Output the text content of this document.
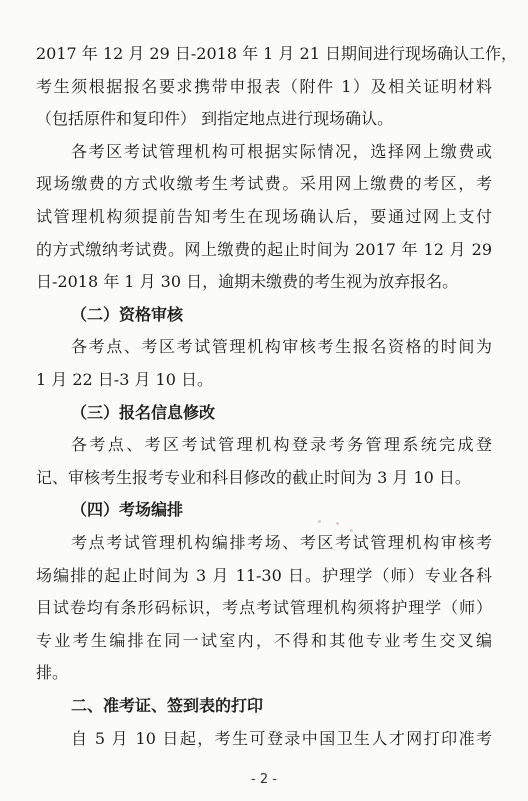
2017 年 12 月 29 日-2018 年 1 月 21 日期间进行现场确认工作，
考生须根据报名要求携带申报表（附件 1）及相关证明材料
（包括原件和复印件） 到指定地点进行现场确认。
各考区考试管理机构可根据实际情况，选择网上缴费或
现场缴费的方式收缴考生考试费。采用网上缴费的考区，考
试管理机构须提前告知考生在现场确认后，要通过网上支付
的方式缴纳考试费。网上缴费的起止时间为 2017 年 12 月 29
日-2018 年 1 月 30 日，逾期未缴费的考生视为放弃报名。
（二）资格审核
各考点、考区考试管理机构审核考生报名资格的时间为
1 月 22 日-3 月 10 日。
（三）报名信息修改
各考点、考区考试管理机构登录考务管理系统完成登
记、审核考生报考专业和科目修改的截止时间为 3 月 10 日。
（四）考场编排
考点考试管理机构编排考场、考区考试管理机构审核考
场编排的起止时间为 3 月 11-30 日。护理学（师）专业各科
目试卷均有条形码标识，考点考试管理机构须将护理学（师）
专业考生编排在同一试室内，不得和其他专业考生交叉编
排。
- 2 -
二、准考证、签到表的打印
自 5 月 10 日起，考生可登录中国卫生人才网打印准考
